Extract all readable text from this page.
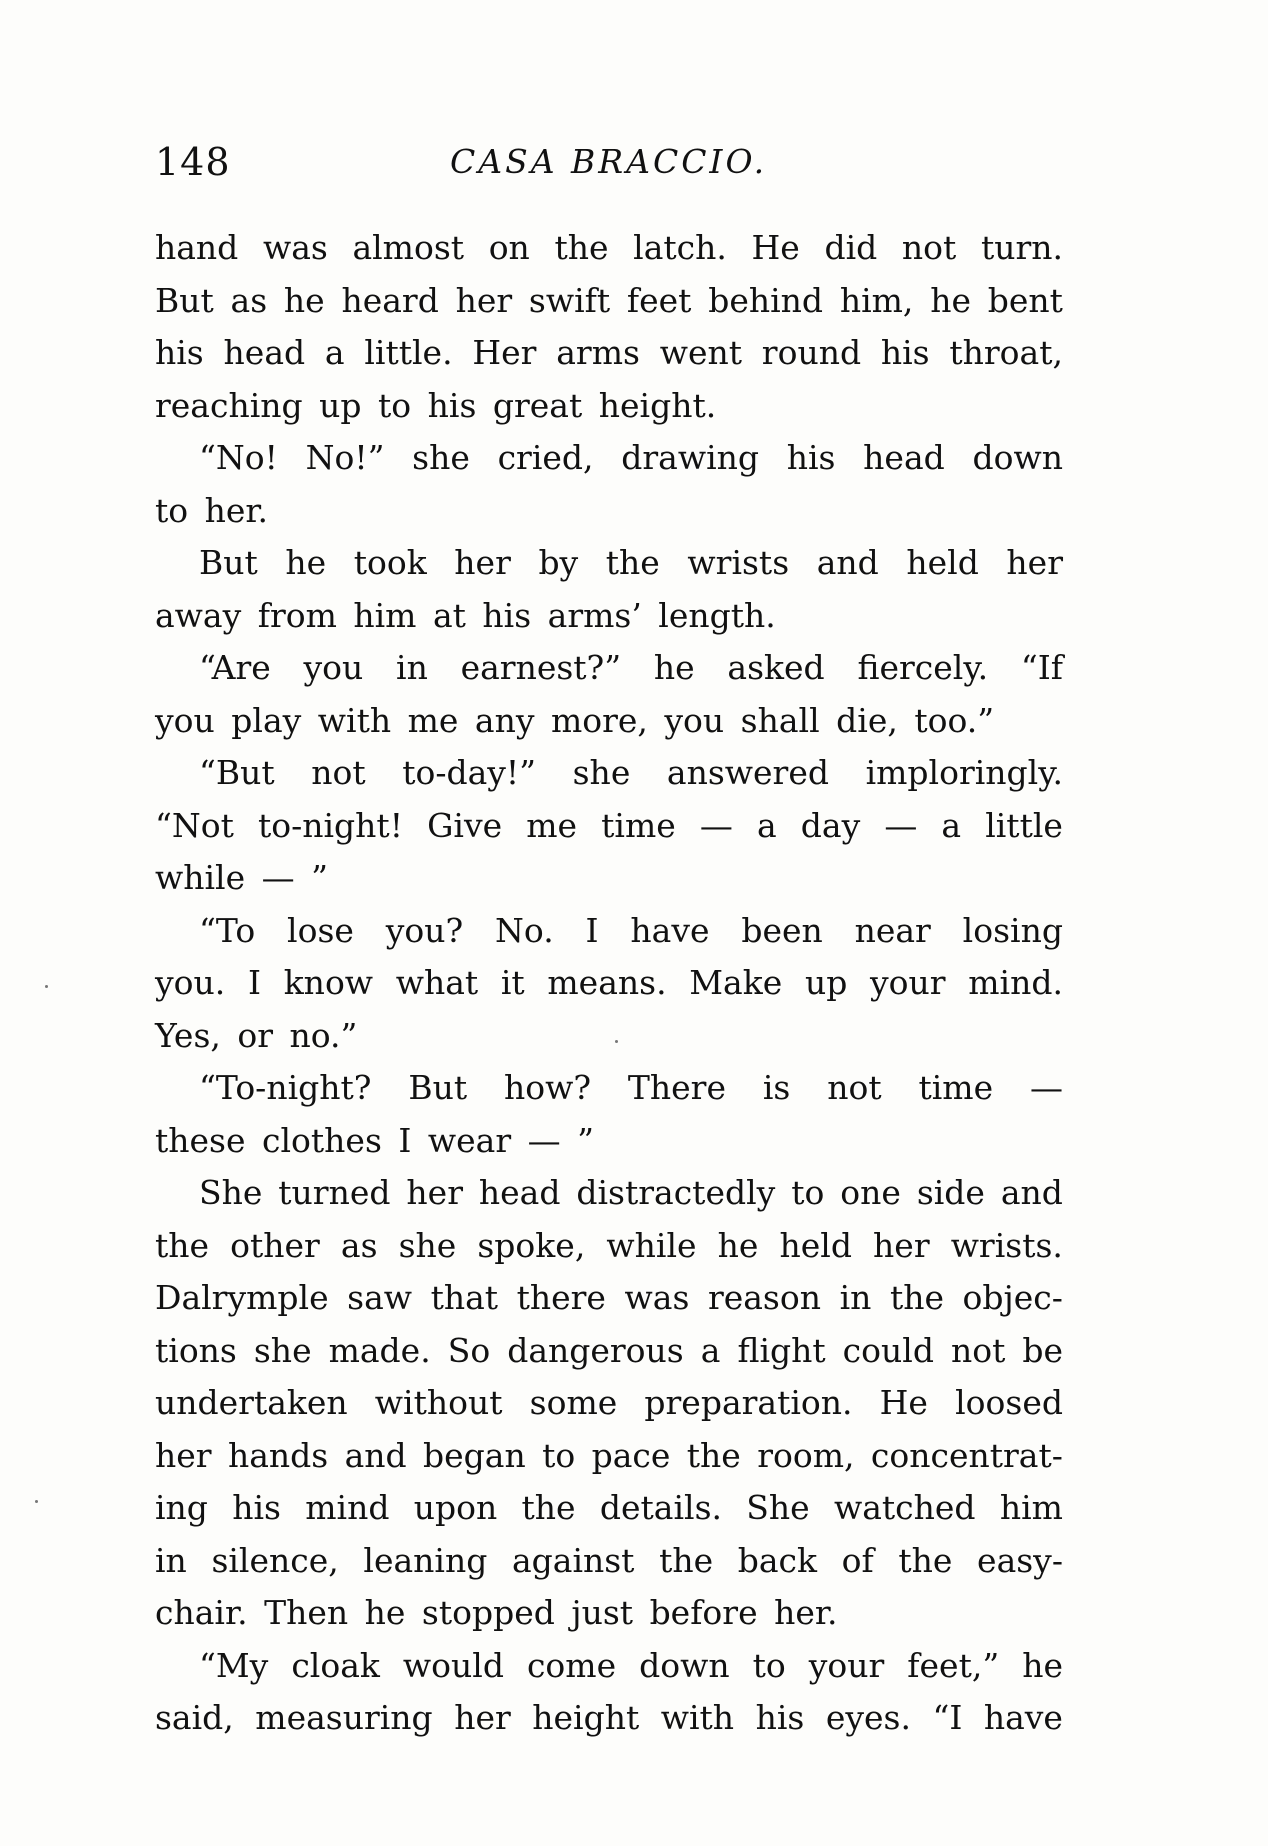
148	CASA BRACCIO.
hand was almost on the latch. He did not turn.
But as he heard her swift feet behind him, he bent
his head a little. Her arms went round his throat,
reaching up to his great height.
“No! No!” she cried, drawing his head down
to her.
But he took her by the wrists and held her
away from him at his arms’ length.
“Are you in earnest?” he asked fiercely. “If
you play with me any more, you shall die, too.”
“But not to-day!” she answered imploringly.
“Not to-night! Give me time — a day — a little
while — ”
“To lose you? No. I have been near losing
you. I know what it means. Make up your mind.
Yes, or no.”
“To-night? But how? There is not time —
these clothes I wear — ”
She turned her head distractedly to one side and
the other as she spoke, while he held her wrists.
Dalrymple saw that there was reason in the objec-
tions she made. So dangerous a flight could not be
undertaken without some preparation. He loosed
her hands and began to pace the room, concentrat-
ing his mind upon the details. She watched him
in silence, leaning against the back of the easy-
chair. Then he stopped just before her.
“My cloak would come down to your feet,” he
said, measuring her height with his eyes. “I have
